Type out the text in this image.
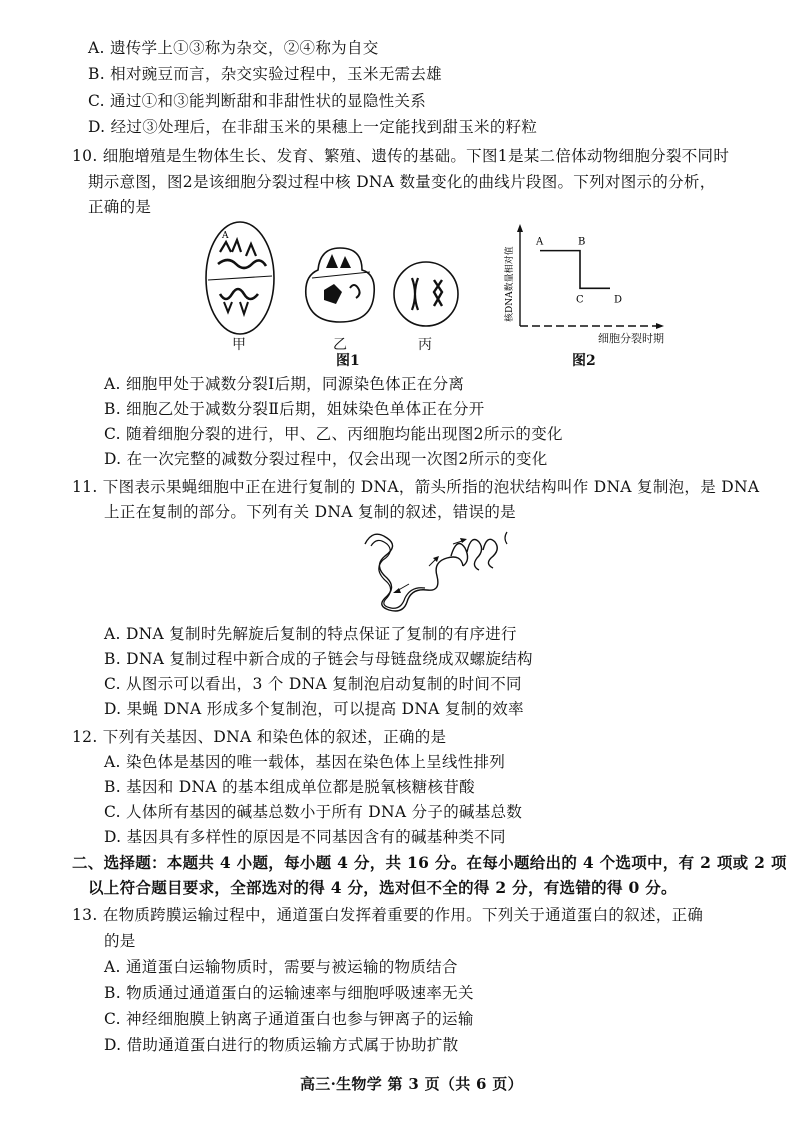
A. 遗传学上①③称为杂交，②④称为自交
B. 相对豌豆而言，杂交实验过程中，玉米无需去雄
C. 通过①和③能判断甜和非甜性状的显隐性关系
D. 经过③处理后，在非甜玉米的果穗上一定能找到甜玉米的籽粒
10. 细胞增殖是生物体生长、发育、繁殖、遗传的基础。下图1是某二倍体动物细胞分裂不同时
期示意图，图2是该细胞分裂过程中核 DNA 数量变化的曲线片段图。下列对图示的分析，
正确的是
A
甲	乙	丙
图1
A	B
C	D
核DNA数量相对值
细胞分裂时期
图2
A. 细胞甲处于减数分裂Ⅰ后期，同源染色体正在分离
B. 细胞乙处于减数分裂Ⅱ后期，姐妹染色单体正在分开
C. 随着细胞分裂的进行，甲、乙、丙细胞均能出现图2所示的变化
D. 在一次完整的减数分裂过程中，仅会出现一次图2所示的变化
11. 下图表示果蝇细胞中正在进行复制的 DNA，箭头所指的泡状结构叫作 DNA 复制泡，是 DNA
上正在复制的部分。下列有关 DNA 复制的叙述，错误的是
A. DNA 复制时先解旋后复制的特点保证了复制的有序进行
B. DNA 复制过程中新合成的子链会与母链盘绕成双螺旋结构
C. 从图示可以看出，3 个 DNA 复制泡启动复制的时间不同
D. 果蝇 DNA 形成多个复制泡，可以提高 DNA 复制的效率
12. 下列有关基因、DNA 和染色体的叙述，正确的是
A. 染色体是基因的唯一载体，基因在染色体上呈线性排列
B. 基因和 DNA 的基本组成单位都是脱氧核糖核苷酸
C. 人体所有基因的碱基总数小于所有 DNA 分子的碱基总数
D. 基因具有多样性的原因是不同基因含有的碱基种类不同
二、选择题：本题共 4 小题，每小题 4 分，共 16 分。在每小题给出的 4 个选项中，有 2 项或 2 项
以上符合题目要求，全部选对的得 4 分，选对但不全的得 2 分，有选错的得 0 分。
13. 在物质跨膜运输过程中，通道蛋白发挥着重要的作用。下列关于通道蛋白的叙述，正确
的是
A. 通道蛋白运输物质时，需要与被运输的物质结合
B. 物质通过通道蛋白的运输速率与细胞呼吸速率无关
C. 神经细胞膜上钠离子通道蛋白也参与钾离子的运输
D. 借助通道蛋白进行的物质运输方式属于协助扩散
高三·生物学 第 3 页（共 6 页）
